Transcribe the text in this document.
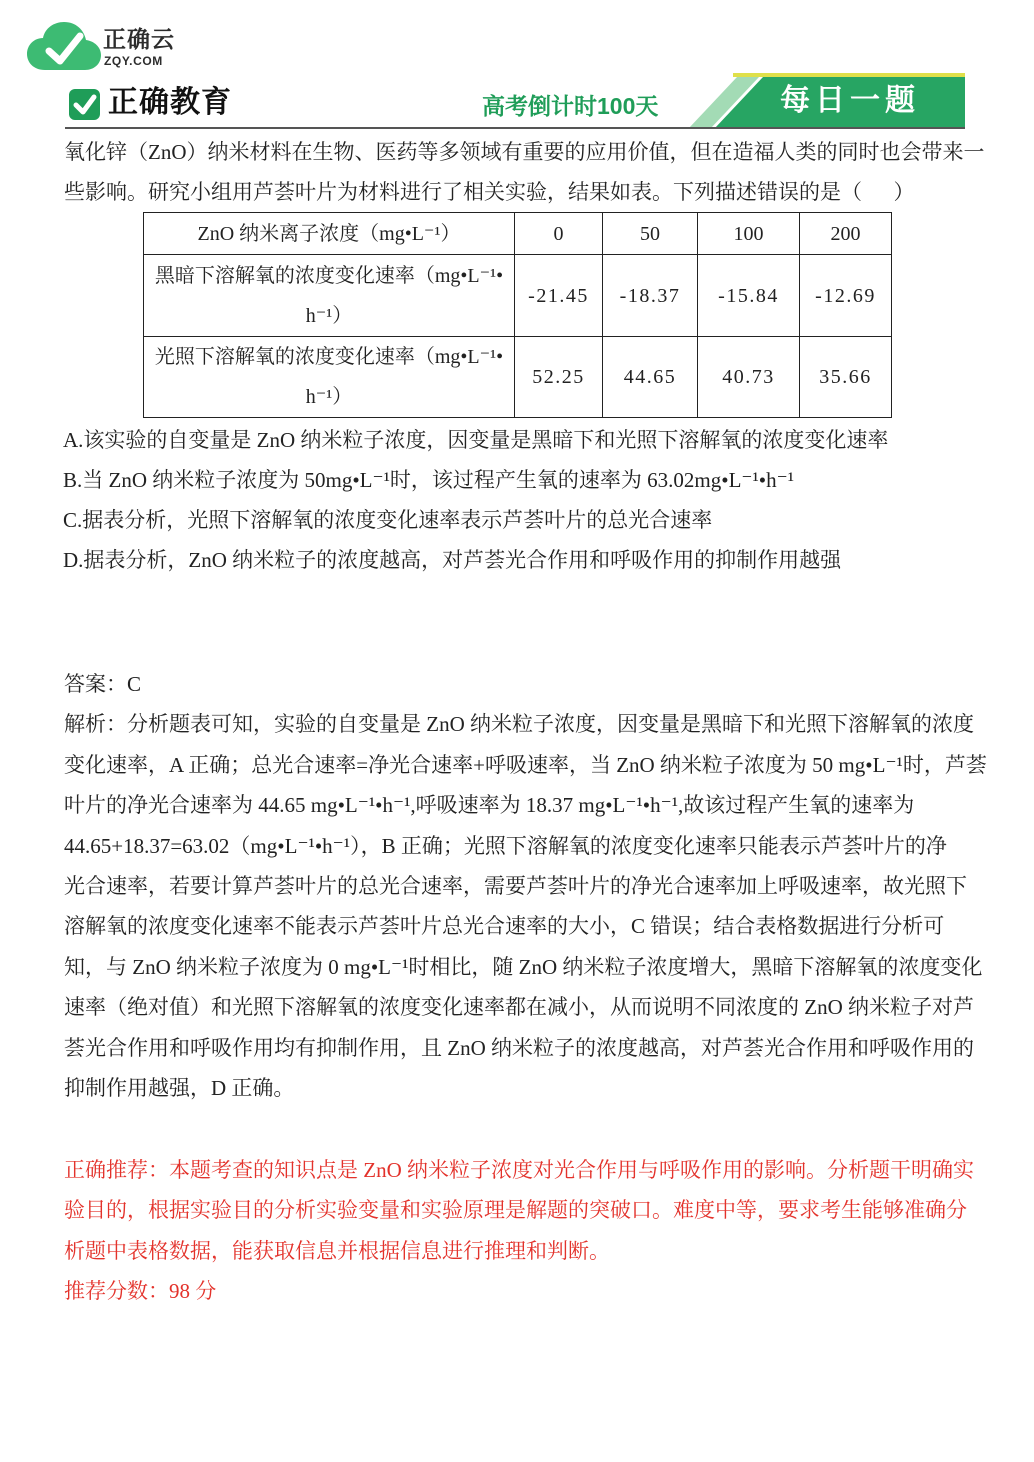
正确云
ZQY.COM
正确教育	高考倒计时100天	每日一题
氧化锌（ZnO）纳米材料在生物、医药等多领域有重要的应用价值，但在造福人类的同时也会带来一
些影响。研究小组用芦荟叶片为材料进行了相关实验，结果如表。下列描述错误的是（      ）
ZnO 纳米离子浓度（mg•L⁻¹）	0	50	100	200
黑暗下溶解氧的浓度变化速率（mg•L⁻¹•h⁻¹）	-21.45	-18.37	-15.84	-12.69
光照下溶解氧的浓度变化速率（mg•L⁻¹•h⁻¹）	52.25	44.65	40.73	35.66
A.该实验的自变量是 ZnO 纳米粒子浓度，因变量是黑暗下和光照下溶解氧的浓度变化速率
B.当 ZnO 纳米粒子浓度为 50mg•L⁻¹时，该过程产生氧的速率为 63.02mg•L⁻¹•h⁻¹
C.据表分析，光照下溶解氧的浓度变化速率表示芦荟叶片的总光合速率
D.据表分析，ZnO 纳米粒子的浓度越高，对芦荟光合作用和呼吸作用的抑制作用越强
答案：C
解析：分析题表可知，实验的自变量是 ZnO 纳米粒子浓度，因变量是黑暗下和光照下溶解氧的浓度
变化速率，A 正确；总光合速率=净光合速率+呼吸速率，当 ZnO 纳米粒子浓度为 50 mg•L⁻¹时，芦荟
叶片的净光合速率为 44.65 mg•L⁻¹•h⁻¹,呼吸速率为 18.37 mg•L⁻¹•h⁻¹,故该过程产生氧的速率为
44.65+18.37=63.02（mg•L⁻¹•h⁻¹），B 正确；光照下溶解氧的浓度变化速率只能表示芦荟叶片的净
光合速率，若要计算芦荟叶片的总光合速率，需要芦荟叶片的净光合速率加上呼吸速率，故光照下
溶解氧的浓度变化速率不能表示芦荟叶片总光合速率的大小，C 错误；结合表格数据进行分析可
知，与 ZnO 纳米粒子浓度为 0 mg•L⁻¹时相比，随 ZnO 纳米粒子浓度增大，黑暗下溶解氧的浓度变化
速率（绝对值）和光照下溶解氧的浓度变化速率都在减小，从而说明不同浓度的 ZnO 纳米粒子对芦
荟光合作用和呼吸作用均有抑制作用，且 ZnO 纳米粒子的浓度越高，对芦荟光合作用和呼吸作用的
抑制作用越强，D 正确。
正确推荐：本题考查的知识点是 ZnO 纳米粒子浓度对光合作用与呼吸作用的影响。分析题干明确实
验目的，根据实验目的分析实验变量和实验原理是解题的突破口。难度中等，要求考生能够准确分
析题中表格数据，能获取信息并根据信息进行推理和判断。
推荐分数：98 分
